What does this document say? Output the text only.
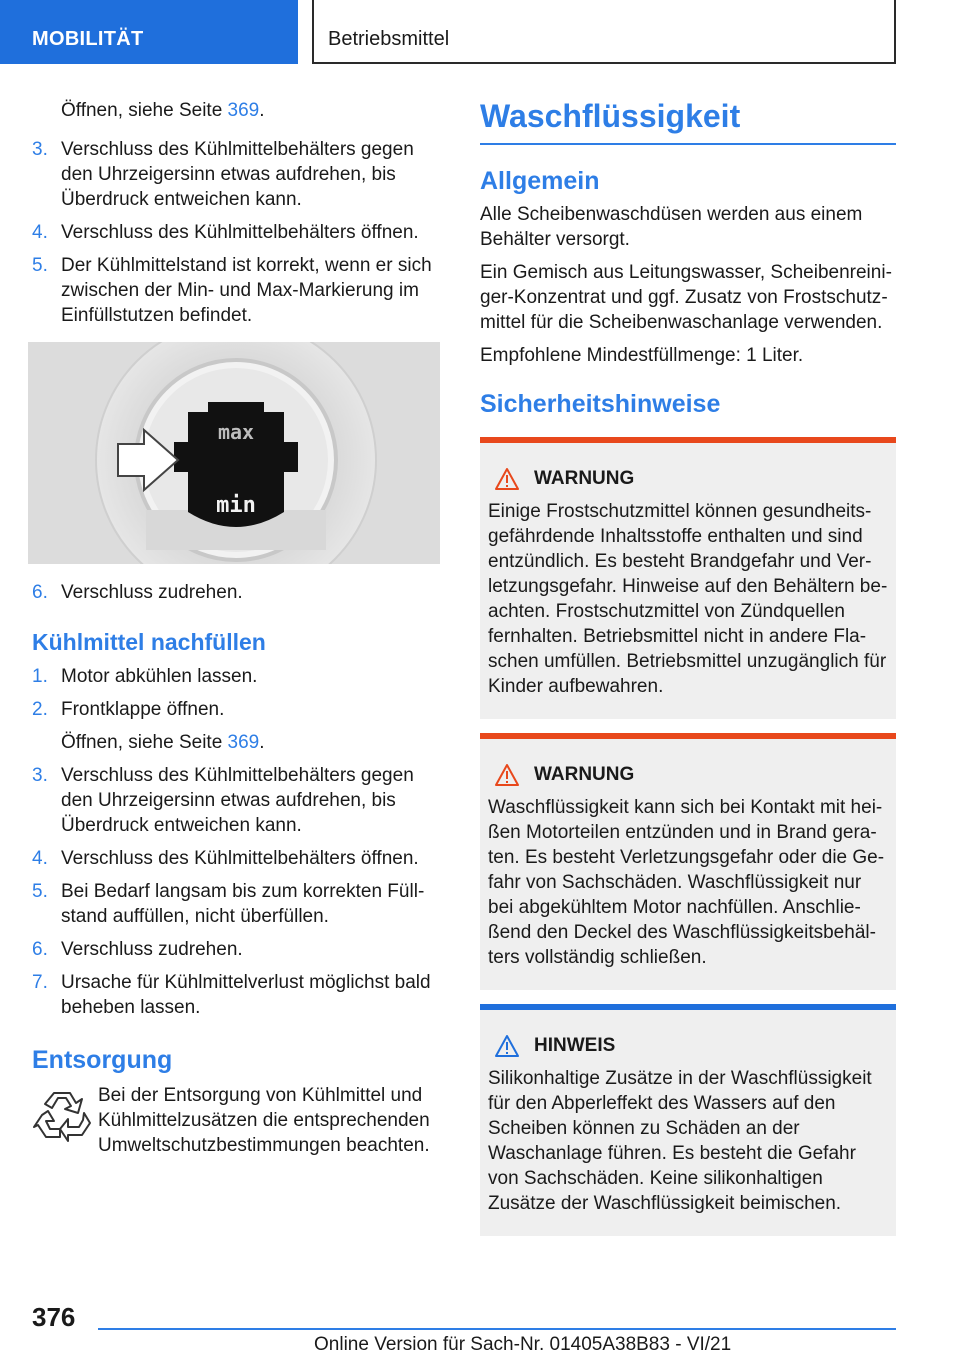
MOBILITÄT	Betriebsmittel
Öffnen, siehe Seite 369.
3. Verschluss des Kühlmittelbehälters gegen den Uhrzeigersinn etwas aufdrehen, bis Überdruck entweichen kann.
4. Verschluss des Kühlmittelbehälters öffnen.
5. Der Kühlmittelstand ist korrekt, wenn er sich zwischen der Min- und Max-Markierung im Einfüllstutzen befindet.
max
min
6. Verschluss zudrehen.
Kühlmittel nachfüllen
1. Motor abkühlen lassen.
2. Frontklappe öffnen.
Öffnen, siehe Seite 369.
3. Verschluss des Kühlmittelbehälters gegen den Uhrzeigersinn etwas aufdrehen, bis Überdruck entweichen kann.
4. Verschluss des Kühlmittelbehälters öffnen.
5. Bei Bedarf langsam bis zum korrekten Füllstand auffüllen, nicht überfüllen.
6. Verschluss zudrehen.
7. Ursache für Kühlmittelverlust möglichst bald beheben lassen.
Entsorgung
Bei der Entsorgung von Kühlmittel und Kühlmittelzusätzen die entsprechenden Umweltschutzbestimmungen beachten.
Waschflüssigkeit
Allgemein

Alle Scheibenwaschdüsen werden aus einem Behälter versorgt.

Ein Gemisch aus Leitungswasser, Scheibenreiniger-Konzentrat und ggf. Zusatz von Frostschutzmittel für die Scheibenwaschanlage verwenden.

Empfohlene Mindestfüllmenge: 1 Liter.

Sicherheitshinweise
WARNUNG
Einige Frostschutzmittel können gesundheitsgefährdende Inhaltsstoffe enthalten und sind entzündlich. Es besteht Brandgefahr und Verletzungsgefahr. Hinweise auf den Behältern beachten. Frostschutzmittel von Zündquellen fernhalten. Betriebsmittel nicht in andere Flaschen umfüllen. Betriebsmittel unzugänglich für Kinder aufbewahren.
WARNUNG
Waschflüssigkeit kann sich bei Kontakt mit heißen Motorteilen entzünden und in Brand geraten. Es besteht Verletzungsgefahr oder die Gefahr von Sachschäden. Waschflüssigkeit nur bei abgekühltem Motor nachfüllen. Anschließend den Deckel des Waschflüssigkeitsbehälters vollständig schließen.
HINWEIS
Silikonhaltige Zusätze in der Waschflüssigkeit für den Abperleffekt des Wassers auf den Scheiben können zu Schäden an der Waschanlage führen. Es besteht die Gefahr von Sachschäden. Keine silikonhaltigen Zusätze der Waschflüssigkeit beimischen.
376
Online Version für Sach-Nr. 01405A38B83 - VI/21
